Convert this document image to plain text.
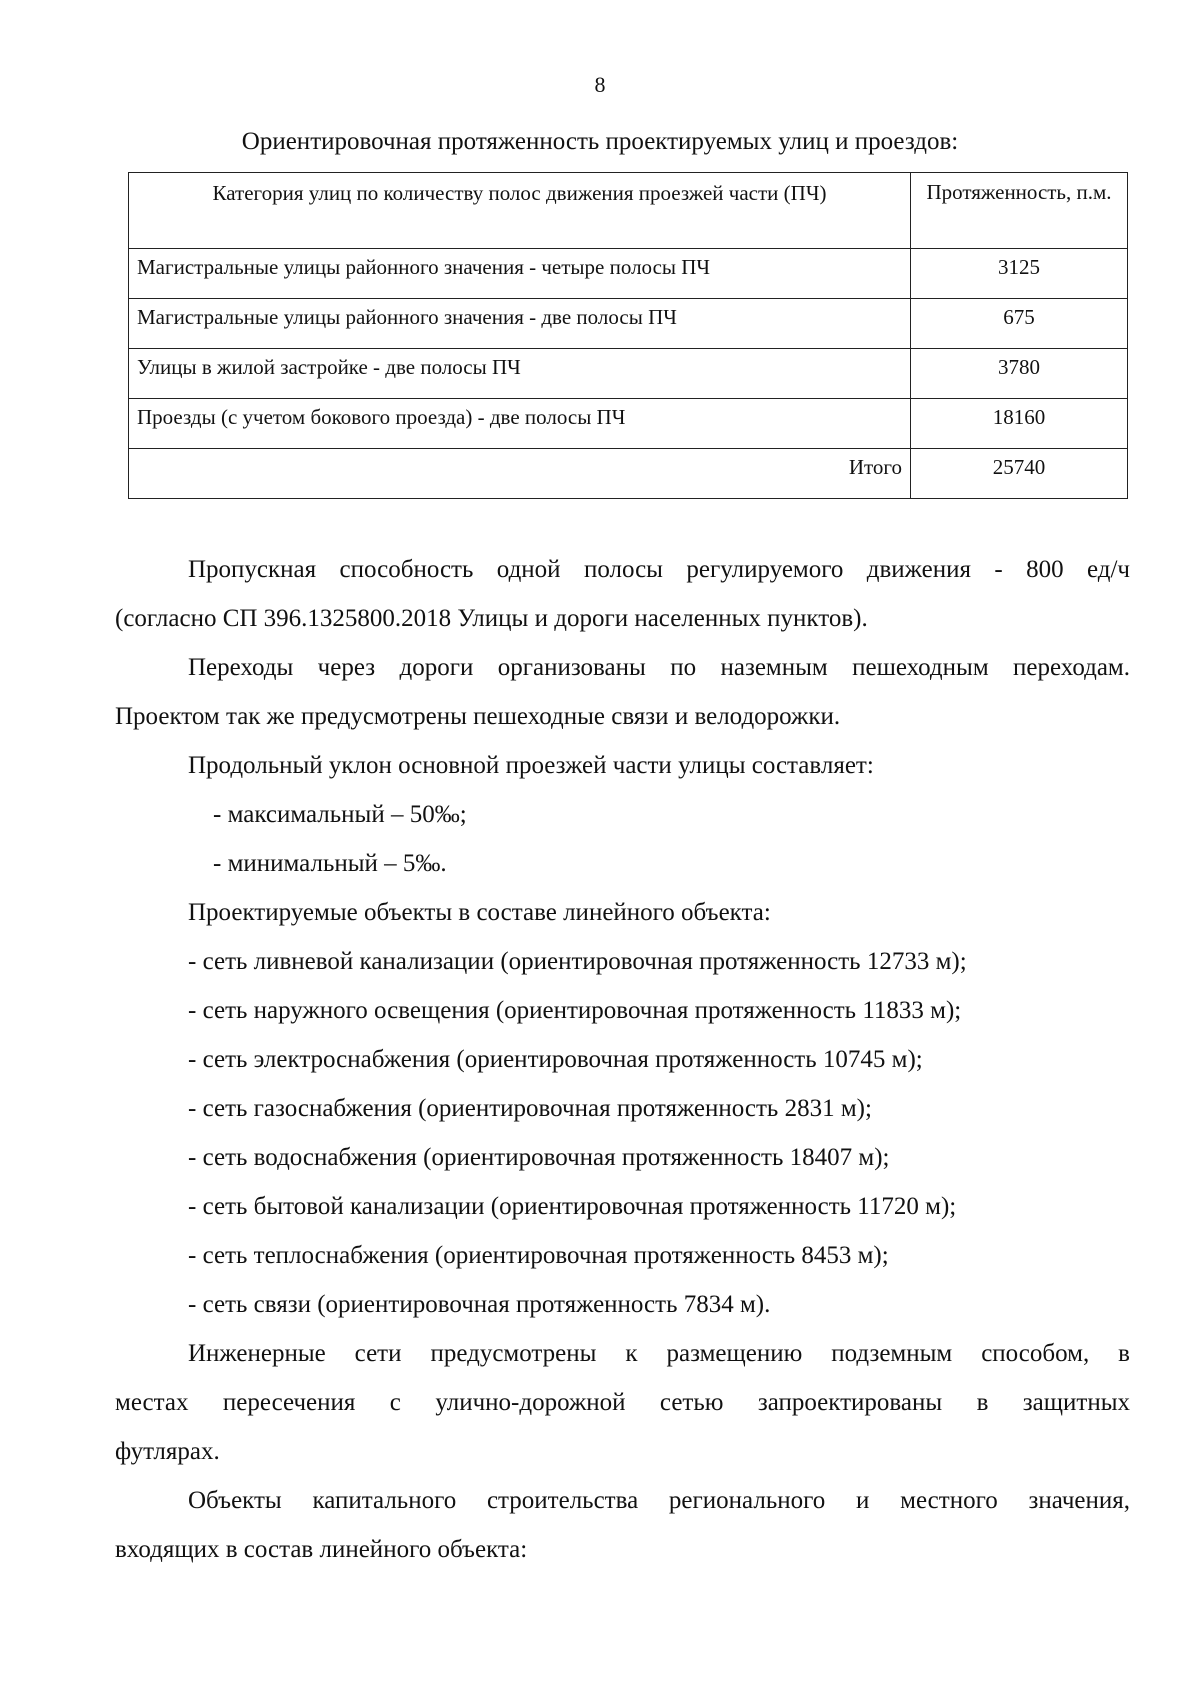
8
Ориентировочная протяженность проектируемых улиц и проездов:
Категория улиц по количеству полос движения проезжей части (ПЧ)	Протяженность, п.м.
Магистральные улицы районного значения - четыре полосы ПЧ	3125
Магистральные улицы районного значения - две полосы ПЧ	675
Улицы в жилой застройке - две полосы ПЧ	3780
Проезды (с учетом бокового проезда) - две полосы ПЧ	18160
Итого	25740

Пропускная способность одной полосы регулируемого движения - 800 ед/ч

(согласно СП 396.1325800.2018 Улицы и дороги населенных пунктов).

Переходы через дороги организованы по наземным пешеходным переходам.

Проектом так же предусмотрены пешеходные связи и велодорожки.

Продольный уклон основной проезжей части улицы составляет:

- максимальный – 50‰;

- минимальный – 5‰.

Проектируемые объекты в составе линейного объекта:

- сеть ливневой канализации (ориентировочная протяженность 12733 м);

- сеть наружного освещения (ориентировочная протяженность 11833 м);

- сеть электроснабжения (ориентировочная протяженность 10745 м);

- сеть газоснабжения (ориентировочная протяженность 2831 м);

- сеть водоснабжения (ориентировочная протяженность 18407 м);

- сеть бытовой канализации (ориентировочная протяженность 11720 м);

- сеть теплоснабжения (ориентировочная протяженность 8453 м);

- сеть связи (ориентировочная протяженность 7834 м).

Инженерные сети предусмотрены к размещению подземным способом, в

местах пересечения с улично-дорожной сетью запроектированы в защитных

футлярах.

Объекты капитального строительства регионального и местного значения,

входящих в состав линейного объекта:
